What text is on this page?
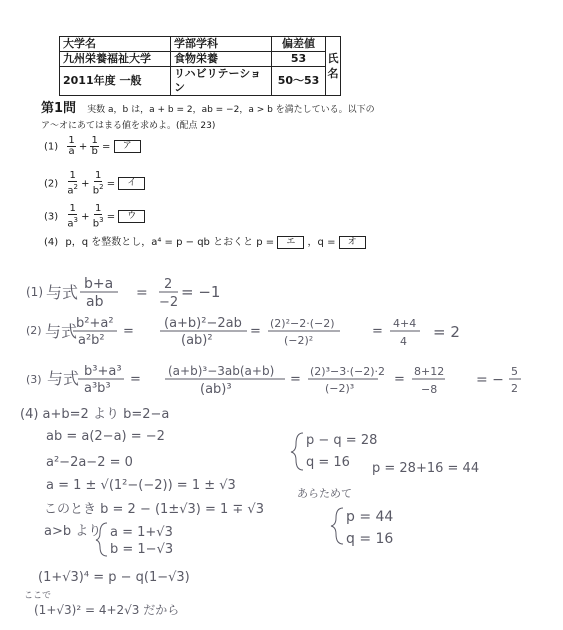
大学名	学部学科	偏差値	氏
名
九州栄養福祉大学	食物栄養	53	
2011年度 一般	リハビリテーション	50〜53	
第1問 実数 a，b は，a + b = 2，ab = −2，a > b を満たしている。以下の
ア〜オにあてはまる値を求めよ。(配点 23)
$(1) \frac{1}{a} + \frac{1}{b}$ = ア
$(2) \frac{1}{a^2} + \frac{1}{b^2}$ = イ
$(3) \frac{1}{a^3} + \frac{1}{b^3}$ = ウ
(4) p，q を整数とし，a⁴ = p − qb とおくと p = エ ，q = オ
(1) 与式 b+a
ab
=
2
−2
= −1
(2) 与式
b²+a²
a²b²
(a+b)²−2ab
(ab)²
(2)²−2·(−2)
(−2)²
4+4
4
= 2
=	=	=
(3) 与式 b³+a³
a³b³
(a+b)³−3ab(a+b)
(ab)³
(2)³−3·(−2)·2
(−2)³
8+12
−8
= −
5
2
=	=	=
(4) a+b=2 より b=2−a
ab = a(2−a) = −2
a²−2a−2 = 0
a = 1 ± √(1²−(−2)) = 1 ± √3
このとき b = 2 − (1±√3) = 1 ∓ √3
a>b より a = 1+√3
b = 1−√3
(1+√3)⁴ = p − q(1−√3)
ここで
(1+√3)² = 4+2√3 だから
p − q = 28
q = 16 p = 28+16 = 44
あらためて
p = 44
q = 16
